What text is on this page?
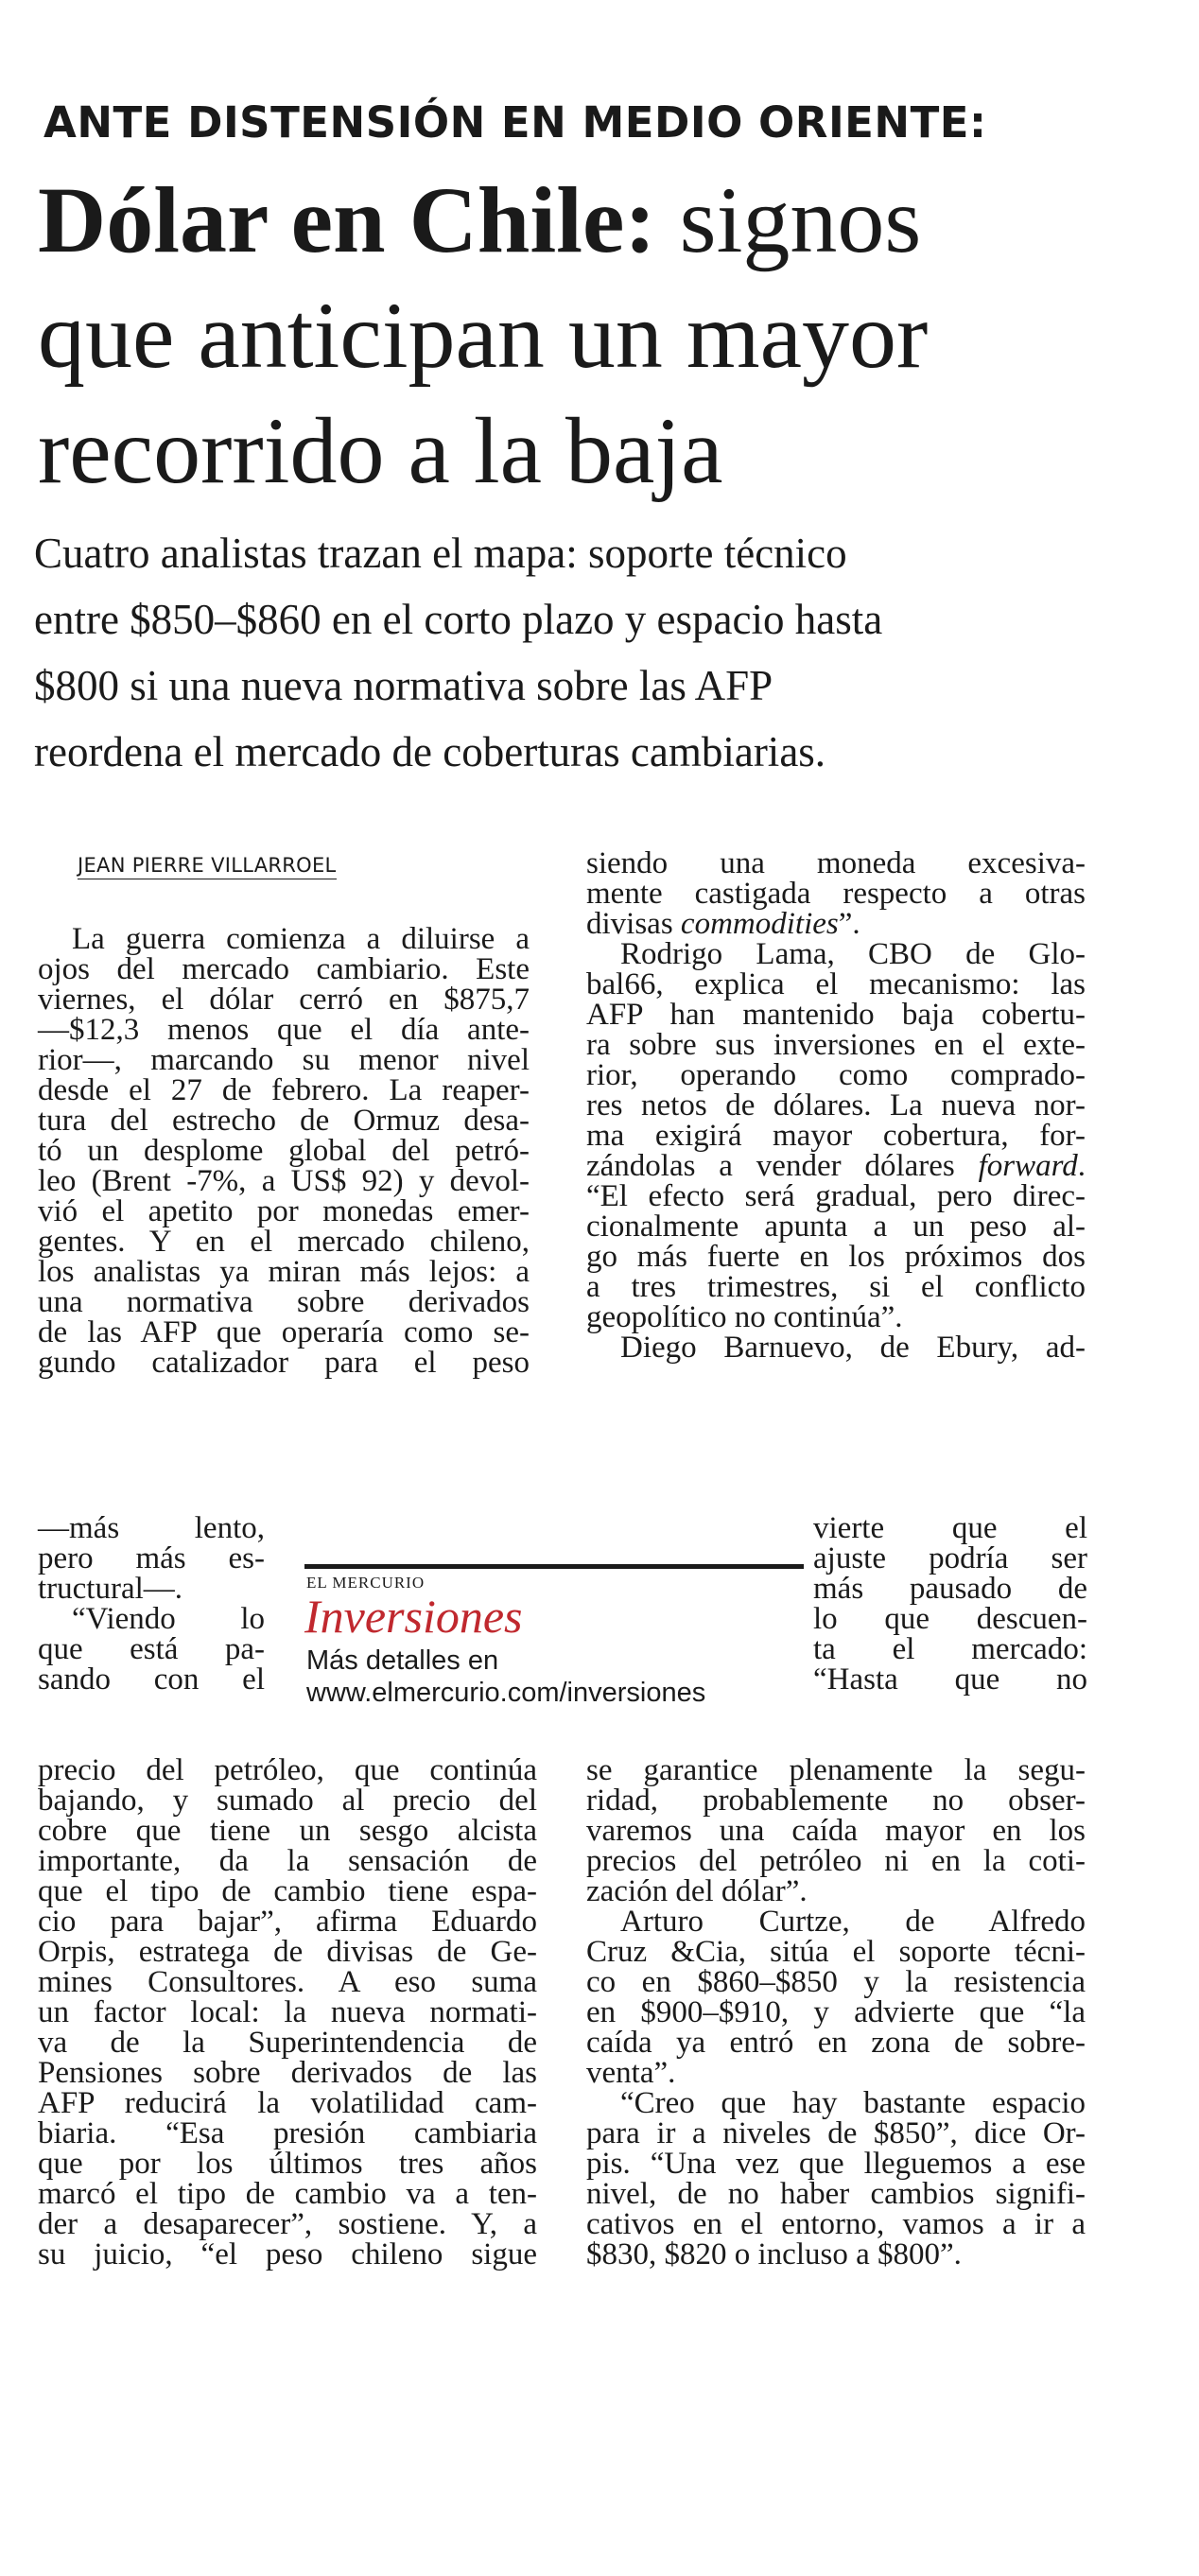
ANTE DISTENSIÓN EN MEDIO ORIENTE:
Dólar en Chile: signos
que anticipan un mayor
recorrido a la baja
Cuatro analistas trazan el mapa: soporte técnico
entre $850–$860 en el corto plazo y espacio hasta
$800 si una nueva normativa sobre las AFP
reordena el mercado de coberturas cambiarias.
JEAN PIERRE VILLARROEL
La guerra comienza a diluirse a
ojos del mercado cambiario. Este
viernes, el dólar cerró en $875,7
—$12,3 menos que el día ante-
rior—, marcando su menor nivel
desde el 27 de febrero. La reaper-
tura del estrecho de Ormuz desa-
tó un desplome global del petró-
leo (Brent -7%, a US$ 92) y devol-
vió el apetito por monedas emer-
gentes. Y en el mercado chileno,
los analistas ya miran más lejos: a
una normativa sobre derivados
de las AFP que operaría como se-
gundo catalizador para el peso
—más lento,
pero más es-
tructural—.
“Viendo lo
que está pa-
sando con el
precio del petróleo, que continúa
bajando, y sumado al precio del
cobre que tiene un sesgo alcista
importante, da la sensación de
que el tipo de cambio tiene espa-
cio para bajar”, afirma Eduardo
Orpis, estratega de divisas de Ge-
mines Consultores. A eso suma
un factor local: la nueva normati-
va de la Superintendencia de
Pensiones sobre derivados de las
AFP reducirá la volatilidad cam-
biaria. “Esa presión cambiaria
que por los últimos tres años
marcó el tipo de cambio va a ten-
der a desaparecer”, sostiene. Y, a
su juicio, “el peso chileno sigue
siendo una moneda excesiva-
mente castigada respecto a otras
divisas commodities”.
Rodrigo Lama, CBO de Glo-
bal66, explica el mecanismo: las
AFP han mantenido baja cobertu-
ra sobre sus inversiones en el exte-
rior, operando como comprado-
res netos de dólares. La nueva nor-
ma exigirá mayor cobertura, for-
zándolas a vender dólares forward.
“El efecto será gradual, pero direc-
cionalmente apunta a un peso al-
go más fuerte en los próximos dos
a tres trimestres, si el conflicto
geopolítico no continúa”.
Diego Barnuevo, de Ebury, ad-
EL MERCURIO
Inversiones
Más detalles en
www.elmercurio.com/inversiones
vierte que el
ajuste podría ser
más pausado de
lo que descuen-
ta el mercado:
“Hasta que no
se garantice plenamente la segu-
ridad, probablemente no obser-
varemos una caída mayor en los
precios del petróleo ni en la coti-
zación del dólar”.
Arturo Curtze, de Alfredo
Cruz &Cia, sitúa el soporte técni-
co en $860–$850 y la resistencia
en $900–$910, y advierte que “la
caída ya entró en zona de sobre-
venta”.
“Creo que hay bastante espacio
para ir a niveles de $850”, dice Or-
pis. “Una vez que lleguemos a ese
nivel, de no haber cambios signifi-
cativos en el entorno, vamos a ir a
$830, $820 o incluso a $800”.
